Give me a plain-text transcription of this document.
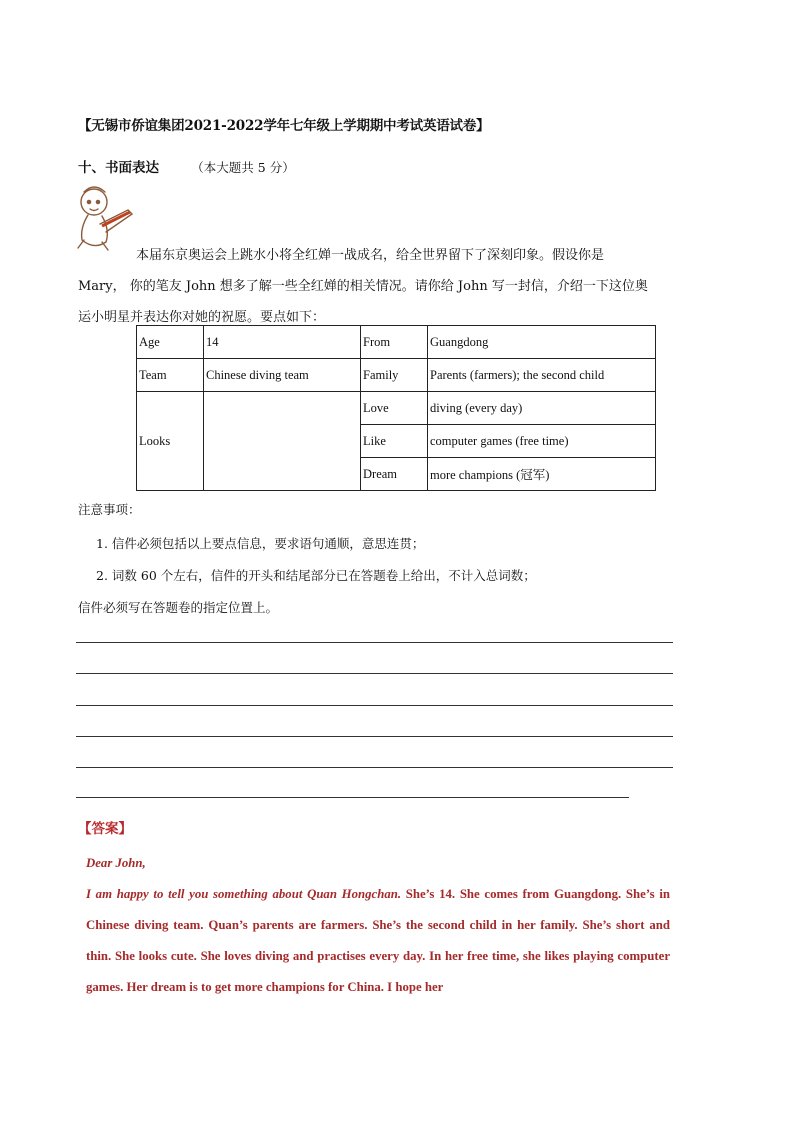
【无锡市侨谊集团2021-2022学年七年级上学期期中考试英语试卷】
十、书面表达	（本大题共 5 分）
本届东京奥运会上跳水小将全红婵一战成名，给全世界留下了深刻印象。假设你是
Mary， 你的笔友 John 想多了解一些全红婵的相关情况。请你给 John 写一封信，介绍一下这位奥
运小明星并表达你对她的祝愿。要点如下：
Age	14	From	Guangdong
Team	Chinese diving team	Family	Parents (farmers); the second child
Looks		Love	diving (every day)
		Like	computer games (free time)
		Dream	more champions (冠军)
注意事项：
1. 信件必须包括以上要点信息，要求语句通顺，意思连贯；
2. 词数 60 个左右，信件的开头和结尾部分已在答题卷上给出，不计入总词数；
信件必须写在答题卷的指定位置上。
【答案】

Dear John,

I am happy to tell you something about Quan Hongchan. She’s 14. She comes from Guangdong. She’s in Chinese diving team. Quan’s parents are farmers. She’s the second child in her family. She’s short and thin. She looks cute. She loves diving and practises every day. In her free time, she likes playing computer games. Her dream is to get more champions for China. I hope her
